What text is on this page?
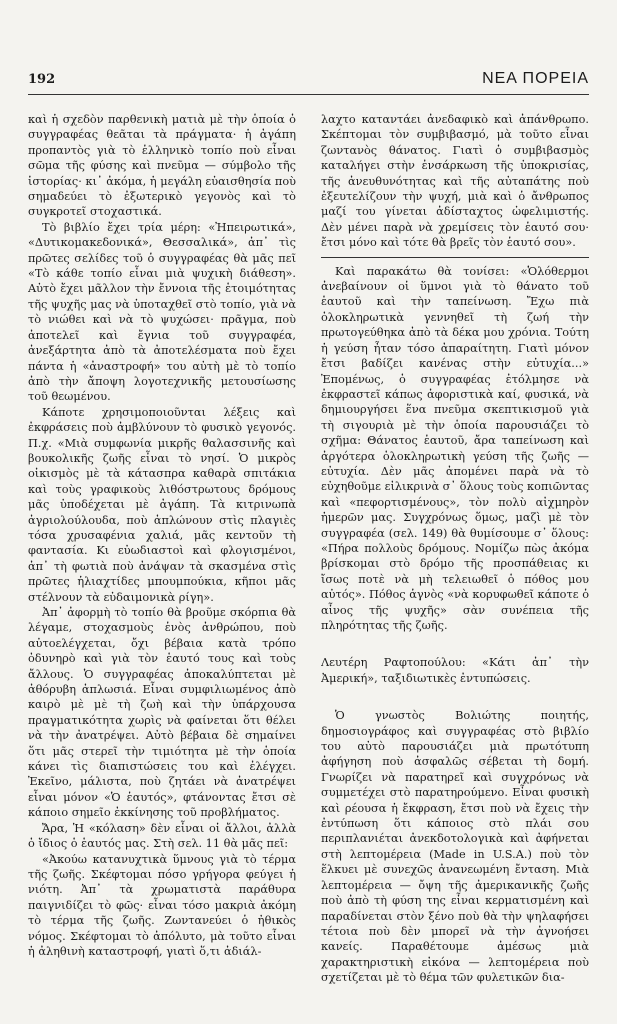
192	ΝΕΑ ΠΟΡΕΙΑ

καὶ ἡ σχεδὸν παρθενικὴ ματιὰ μὲ τὴν ὁποία ὁ συγγραφέας θεᾶται τὰ πράγματα· ἡ ἀγάπη προπαντὸς γιὰ τὸ ἑλληνικὸ τοπίο ποὺ εἶναι σῶμα τῆς φύσης καὶ πνεῦμα — σύμβολο τῆς ἱστορίας· κι᾽ ἀκόμα, ἡ μεγάλη εὐαισθησία ποὺ σημαδεύει τὸ ἐξωτερικὸ γεγονὸς καὶ τὸ συγκροτεῖ στοχαστικά.

Τὸ βιβλίο ἔχει τρία μέρη: «Ἠπειρωτικά», «Δυτικομακεδονικά», Θεσσαλικά», ἀπ᾽ τὶς πρῶτες σελίδες τοῦ ὁ συγγραφέας θὰ μᾶς πεῖ «Τὸ κάθε τοπίο εἶναι μιὰ ψυχικὴ διάθεση». Αὐτὸ ἔχει μᾶλλον τὴν ἔννοια τῆς ἑτοιμότητας τῆς ψυχῆς μας νὰ ὑποταχθεῖ στὸ τοπίο, γιὰ νὰ τὸ νιώθει καὶ νὰ τὸ ψυχώσει· πρᾶγμα, ποὺ ἀποτελεῖ καὶ ἔγνια τοῦ συγγραφέα, ἀνεξάρτητα ἀπὸ τὰ ἀποτελέσματα ποὺ ἔχει πάντα ἡ «ἀναστροφή» του αὐτὴ μὲ τὸ τοπίο ἀπὸ τὴν ἄποψη λογοτεχνικῆς μετουσίωσης τοῦ θεωμένου.

Κάποτε χρησιμοποιοῦνται λέξεις καὶ ἐκφράσεις ποὺ ἀμβλύνουν τὸ φυσικὸ γεγονός. Π.χ. «Μιὰ συμφωνία μικρῆς θαλασσινῆς καὶ βουκολικῆς ζωῆς εἶναι τὸ νησί. Ὁ μικρὸς οἰκισμὸς μὲ τὰ κάτασπρα καθαρὰ σπιτάκια καὶ τοὺς γραφικοὺς λιθόστρωτους δρόμους μᾶς ὑποδέχεται μὲ ἀγάπη. Τὰ κιτρινωπὰ ἀγριολούλουδα, ποὺ ἁπλώνουν στὶς πλαγιὲς τόσα χρυσαφένια χαλιά, μᾶς κεντοῦν τὴ φαντασία. Κι εὐωδιαστοὶ καὶ φλογισμένοι, ἀπ᾽ τὴ φωτιὰ ποὺ ἀνάψαν τὰ σκασμένα στὶς πρῶτες ἡλιαχτίδες μπουμπούκια, κῆποι μᾶς στέλνουν τὰ εὐδαιμονικὰ ρίγη».

Ἀπ᾽ ἀφορμὴ τὸ τοπίο θὰ βροῦμε σκόρπια θὰ λέγαμε, στοχασμοὺς ἑνὸς ἀνθρώπου, ποὺ αὐτοελέγχεται, ὄχι βέβαια κατὰ τρόπο ὀδυνηρὸ καὶ γιὰ τὸν ἑαυτό τους καὶ τοὺς ἄλλους. Ὁ συγγραφέας ἀποκαλύπτεται μὲ ἀθόρυβη ἁπλωσιά. Εἶναι συμφιλιωμένος ἀπὸ καιρὸ μὲ μὲ τὴ ζωὴ καὶ τὴν ὑπάρχουσα πραγματικότητα χωρὶς νὰ φαίνεται ὅτι θέλει νὰ τὴν ἀνατρέψει. Αὐτὸ βέβαια δὲ σημαίνει ὅτι μᾶς στερεῖ τὴν τιμιότητα μὲ τὴν ὁποία κάνει τὶς διαπιστώσεις του καὶ ἐλέγχει. Ἐκεῖνο, μάλιστα, ποὺ ζητάει νὰ ἀνατρέψει εἶναι μόνον «Ὁ ἑαυτός», φτάνοντας ἔτσι σὲ κάποιο σημεῖο ἐκκίνησης τοῦ προβλήματος.

Ἄρα, Ἡ «κόλαση» δὲν εἶναι οἱ ἄλλοι, ἀλλὰ ὁ ἴδιος ὁ ἑαυτός μας. Στὴ σελ. 11 θὰ μᾶς πεῖ:

«Ἀκούω κατανυχτικὰ ὕμνους γιὰ τὸ τέρμα τῆς ζωῆς. Σκέφτομαι πόσο γρήγορα φεύγει ἡ νιότη. Ἀπ᾽ τὰ χρωματιστὰ παράθυρα παιγνιδίζει τὸ φῶς· εἶναι τόσο μακριὰ ἀκόμη τὸ τέρμα τῆς ζωῆς. Ζωντανεύει ὁ ἠθικὸς νόμος. Σκέφτομαι τὸ ἀπόλυτο, μὰ τοῦτο εἶναι ἡ ἀληθινὴ καταστροφή, γιατὶ ὅ,τι ἀδιάλ-

λαχτο καταντάει ἀνεδαφικὸ καὶ ἀπάνθρωπο. Σκέπτομαι τὸν συμβιβασμό, μὰ τοῦτο εἶναι ζωντανὸς θάνατος. Γιατὶ ὁ συμβιβασμὸς καταλήγει στὴν ἐνσάρκωση τῆς ὑποκρισίας, τῆς ἀνευθυνότητας καὶ τῆς αὐταπάτης ποὺ ἐξευτελίζουν τὴν ψυχή, μιὰ καὶ ὁ ἄνθρωπος μαζί του γίνεται ἀδίσταχτος ὠφελιμιστής. Δὲν μένει παρὰ νὰ χρεμίσεις τὸν ἑαυτό σου· ἔτσι μόνο καὶ τότε θὰ βρεῖς τὸν ἑαυτό σου».

Καὶ παρακάτω θὰ τονίσει: «Ὁλόθερμοι ἀνεβαίνουν οἱ ὕμνοι γιὰ τὸ θάνατο τοῦ ἑαυτοῦ καὶ τὴν ταπείνωση. Ἔχω πιὰ ὁλοκληρωτικὰ γεννηθεῖ τὴ ζωή τὴν πρωτογεύθηκα ἀπὸ τὰ δέκα μου χρόνια. Τούτη ἡ γεύση ἦταν τόσο ἀπαραίτητη. Γιατὶ μόνον ἔτσι βαδίζει κανένας στὴν εὐτυχία...» Ἐπομένως, ὁ συγγραφέας ἐτόλμησε νὰ ἐκφραστεῖ κάπως ἀφοριστικὰ καί, φυσικά, νὰ δημιουργήσει ἕνα πνεῦμα σκεπτικισμοῦ γιὰ τὴ σιγουριὰ μὲ τὴν ὁποία παρουσιάζει τὸ σχῆμα: Θάνατος ἑαυτοῦ, ἄρα ταπείνωση καὶ ἀργότερα ὁλοκληρωτικὴ γεύση τῆς ζωῆς — εὐτυχία. Δὲν μᾶς ἀπομένει παρὰ νὰ τὸ εὐχηθοῦμε εἰλικρινὰ σ᾽ ὅλους τοὺς κοπιῶντας καὶ «πεφορτισμένους», τὸν πολὺ αἰχμηρὸν ἡμερῶν μας. Συγχρόνως ὅμως, μαζὶ μὲ τὸν συγγραφέα (σελ. 149) θὰ θυμίσουμε σ᾽ ὅλους: «Πήρα πολλοὺς δρόμους. Νομίζω πὼς ἀκόμα βρίσκομαι στὸ δρόμο τῆς προσπάθειας κι ἴσως ποτὲ νὰ μὴ τελειωθεῖ ὁ πόθος μου αὐτός». Πόθος ἁγνὸς «νὰ κορυφωθεῖ κάποτε ὁ αἶνος τῆς ψυχῆς» σὰν συνέπεια τῆς πληρότητας τῆς ζωῆς.

Λευτέρη Ραφτοπούλου: «Κάτι ἀπ᾽ τὴν Ἀμερική», ταξιδιωτικὲς ἐντυπώσεις.

Ὁ γνωστὸς Βολιώτης ποιητής, δημοσιογράφος καὶ συγγραφέας στὸ βιβλίο του αὐτὸ παρουσιάζει μιὰ πρωτότυπη ἀφήγηση ποὺ ἀσφαλῶς σέβεται τὴ δομή. Γνωρίζει νὰ παρατηρεῖ καὶ συγχρόνως νὰ συμμετέχει στὸ παρατηρούμενο. Εἶναι φυσικὴ καὶ ρέουσα ἡ ἔκφραση, ἔτσι ποὺ νὰ ἔχεις τὴν ἐντύπωση ὅτι κάποιος στὸ πλάι σου περιπλανιέται ἀνεκδοτολογικὰ καὶ ἀφήνεται στὴ λεπτομέρεια (Made in U.S.A.) ποὺ τὸν ἕλκυει μὲ συνεχῶς ἀνανεωμένη ἔνταση. Μιὰ λεπτομέρεια — ὄψη τῆς ἀμερικανικῆς ζωῆς ποὺ ἀπὸ τὴ φύση της εἶναι κερματισμένη καὶ παραδίνεται στὸν ξένο ποὺ θὰ τὴν ψηλαφήσει τέτοια ποὺ δὲν μπορεῖ νὰ τὴν ἀγνοήσει κανείς. Παραθέτουμε ἀμέσως μιὰ χαρακτηριστικὴ εἰκόνα — λεπτομέρεια ποὺ σχετίζεται μὲ τὸ θέμα τῶν φυλετικῶν δια-
